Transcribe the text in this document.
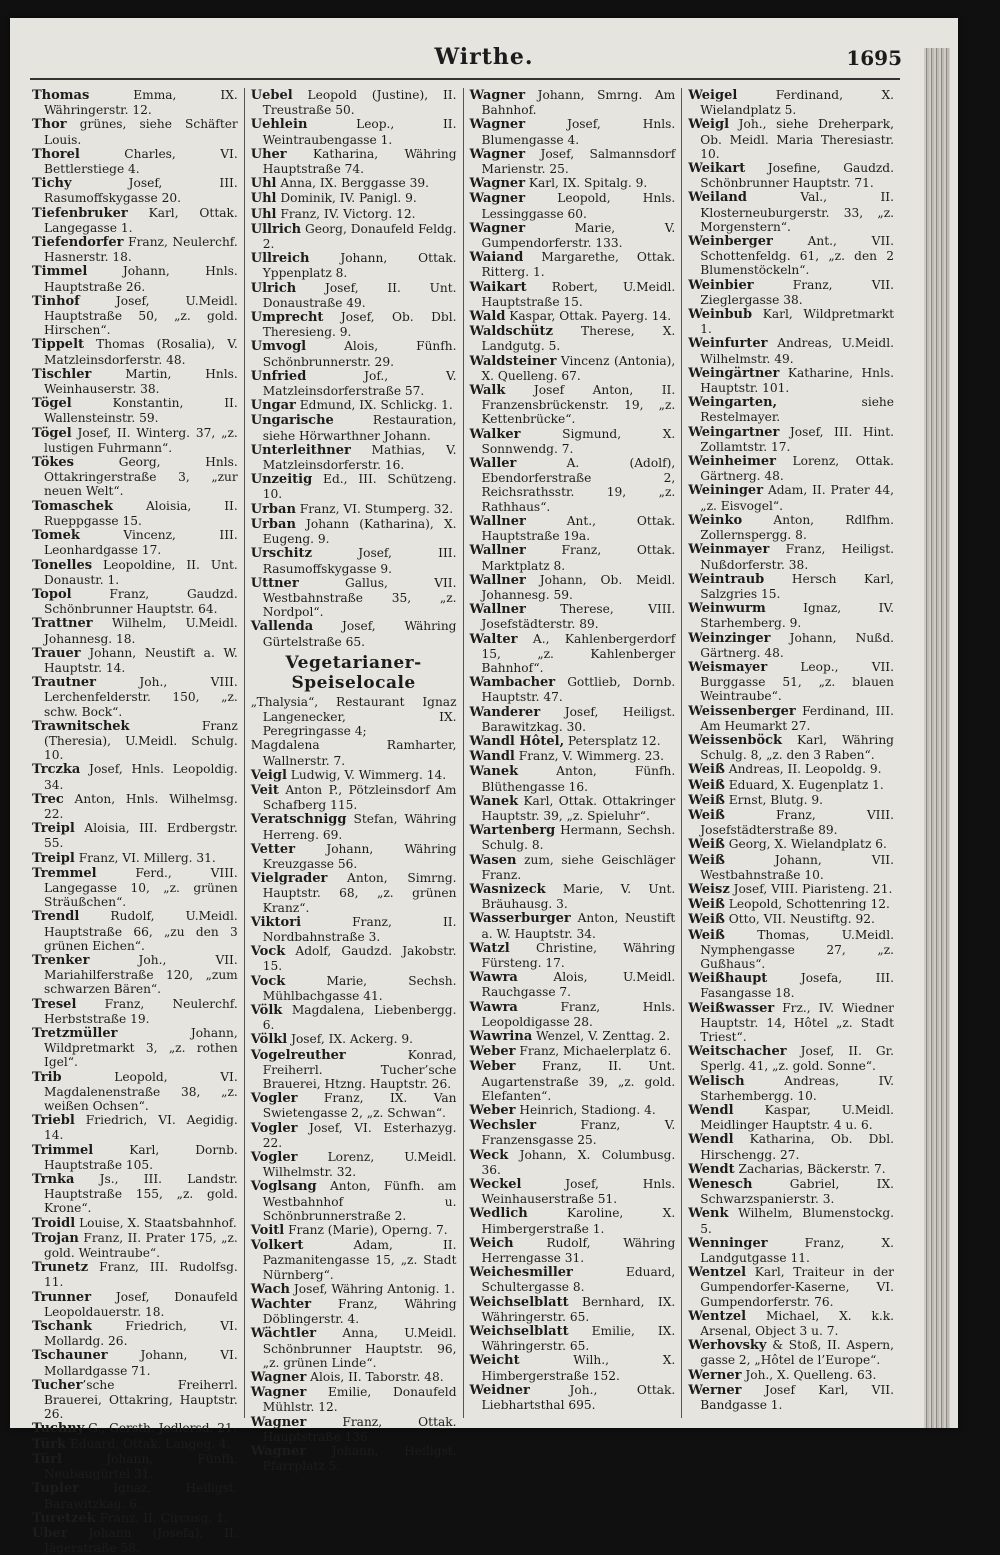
Wirthe.	1695
Thomas Emma, IX. Währingerstr. 12.
Thor grünes, siehe Schäfter Louis.
Thorel Charles, VI. Bettlerstiege 4.
Tichy Josef, III. Rasumoffskygasse 20.
Tiefenbruker Karl, Ottak. Langegasse 1.
Tiefendorfer Franz, Neulerchf. Hasnerstr. 18.
Timmel Johann, Hnls. Hauptstraße 26.
Tinhof Josef, U.Meidl. Hauptstraße 50, „z. gold. Hirschen“.
Tippelt Thomas (Rosalia), V. Matzleinsdorferstr. 48.
Tischler Martin, Hnls. Weinhauserstr. 38.
Tögel Konstantin, II. Wallensteinstr. 59.
Tögel Josef, II. Winterg. 37, „z. lustigen Fuhrmann“.
Tökes Georg, Hnls. Ottakringerstraße 3, „zur neuen Welt“.
Tomaschek Aloisia, II. Rueppgasse 15.
Tomek Vincenz, III. Leonhardgasse 17.
Tonelles Leopoldine, II. Unt. Donaustr. 1.
Topol Franz, Gaudzd. Schönbrunner Hauptstr. 64.
Trattner Wilhelm, U.Meidl. Johannesg. 18.
Trauer Johann, Neustift a. W. Hauptstr. 14.
Trautner Joh., VIII. Lerchenfelderstr. 150, „z. schw. Bock“.
Trawnitschek Franz (Theresia), U.Meidl. Schulg. 10.
Trczka Josef, Hnls. Leopoldig. 34.
Trec Anton, Hnls. Wilhelmsg. 22.
Treipl Aloisia, III. Erdbergstr. 55.
Treipl Franz, VI. Millerg. 31.
Tremmel Ferd., VIII. Langegasse 10, „z. grünen Sträußchen“.
Trendl Rudolf, U.Meidl. Hauptstraße 66, „zu den 3 grünen Eichen“.
Trenker Joh., VII. Mariahilferstraße 120, „zum schwarzen Bären“.
Tresel Franz, Neulerchf. Herbststraße 19.
Tretzmüller Johann, Wildpretmarkt 3, „z. rothen Igel“.
Trib Leopold, VI. Magdalenenstraße 38, „z. weißen Ochsen“.
Triebl Friedrich, VI. Aegidig. 14.
Trimmel Karl, Dornb. Hauptstraße 105.
Trnka Js., III. Landstr. Hauptstraße 155, „z. gold. Krone“.
Troidl Louise, X. Staatsbahnhof.
Trojan Franz, II. Prater 175, „z. gold. Weintraube“.
Trunetz Franz, III. Rudolfsg. 11.
Trunner Josef, Donaufeld Leopoldauerstr. 18.
Tschank Friedrich, VI. Mollardg. 26.
Tschauner Johann, VI. Mollardgasse 71.
Tucher’sche Freiherrl. Brauerei, Ottakring, Hauptstr. 26.
Tuchny G., Gersth. Jedlersd. 21.
Türk Eduard, Ottak. Langeg. 4.
Türl Johann, Fünfh. Neubaugürtel 31.
Tupler Ignaz, Heiligst. Barawitzkag. 6.
Turetzek Franz, II. Circusg. 1.
Uber Johann (Josefa), II. Jägerstraße 58.
Uebel Leopold (Justine), II. Treustraße 50.
Uehlein Leop., II. Weintraubengasse 1.
Uher Katharina, Währing Hauptstraße 74.
Uhl Anna, IX. Berggasse 39.
Uhl Dominik, IV. Panigl. 9.
Uhl Franz, IV. Victorg. 12.
Ullrich Georg, Donaufeld Feldg. 2.
Ullreich Johann, Ottak. Yppenplatz 8.
Ulrich Josef, II. Unt. Donaustraße 49.
Umprecht Josef, Ob. Dbl. Theresieng. 9.
Umvogl Alois, Fünfh. Schönbrunnerstr. 29.
Unfried Jof., V. Matzleinsdorferstraße 57.
Ungar Edmund, IX. Schlickg. 1.
Ungarische Restauration, siehe Hörwarthner Johann.
Unterleithner Mathias, V. Matzleinsdorferstr. 16.
Unzeitig Ed., III. Schützeng. 10.
Urban Franz, VI. Stumperg. 32.
Urban Johann (Katharina), X. Eugeng. 9.
Urschitz Josef, III. Rasumoffskygasse 9.
Uttner Gallus, VII. Westbahnstraße 35, „z. Nordpol“.
Vallenda Josef, Währing Gürtelstraße 65.
Vegetarianer-Speiselocale
„Thalysia“, Restaurant Ignaz Langenecker, IX. Peregringasse 4;
Magdalena Ramharter, Wallnerstr. 7.
Veigl Ludwig, V. Wimmerg. 14.
Veit Anton P., Pötzleinsdorf Am Schafberg 115.
Veratschnigg Stefan, Währing Herreng. 69.
Vetter Johann, Währing Kreuzgasse 56.
Vielgrader Anton, Simrng. Hauptstr. 68, „z. grünen Kranz“.
Viktori Franz, II. Nordbahnstraße 3.
Vock Adolf, Gaudzd. Jakobstr. 15.
Vock Marie, Sechsh. Mühlbachgasse 41.
Völk Magdalena, Liebenbergg. 6.
Völkl Josef, IX. Ackerg. 9.
Vogelreuther Konrad, Freiherrl. Tucher’sche Brauerei, Htzng. Hauptstr. 26.
Vogler Franz, IX. Van Swietengasse 2, „z. Schwan“.
Vogler Josef, VI. Esterhazyg. 22.
Vogler Lorenz, U.Meidl. Wilhelmstr. 32.
Voglsang Anton, Fünfh. am Westbahnhof u. Schönbrunnerstraße 2.
Voitl Franz (Marie), Operng. 7.
Volkert Adam, II. Pazmanitengasse 15, „z. Stadt Nürnberg“.
Wach Josef, Währing Antonig. 1.
Wachter Franz, Währing Döblingerstr. 4.
Wächtler Anna, U.Meidl. Schönbrunner Hauptstr. 96, „z. grünen Linde“.
Wagner Alois, II. Taborstr. 48.
Wagner Emilie, Donaufeld Mühlstr. 12.
Wagner Franz, Ottak. Hauptstraße 136.
Wagner Johann, Heiligst. Pfarrplatz 5.
Wagner Johann, Smrng. Am Bahnhof.
Wagner Josef, Hnls. Blumengasse 4.
Wagner Josef, Salmannsdorf Marienstr. 25.
Wagner Karl, IX. Spitalg. 9.
Wagner Leopold, Hnls. Lessinggasse 60.
Wagner Marie, V. Gumpendorferstr. 133.
Waiand Margarethe, Ottak. Ritterg. 1.
Waikart Robert, U.Meidl. Hauptstraße 15.
Wald Kaspar, Ottak. Payerg. 14.
Waldschütz Therese, X. Landgutg. 5.
Waldsteiner Vincenz (Antonia), X. Quelleng. 67.
Walk Josef Anton, II. Franzensbrückenstr. 19, „z. Kettenbrücke“.
Walker Sigmund, X. Sonnwendg. 7.
Waller A. (Adolf), Ebendorferstraße 2, Reichsrathsstr. 19, „z. Rathhaus“.
Wallner Ant., Ottak. Hauptstraße 19a.
Wallner Franz, Ottak. Marktplatz 8.
Wallner Johann, Ob. Meidl. Johannesg. 59.
Wallner Therese, VIII. Josefstädterstr. 89.
Walter A., Kahlenbergerdorf 15, „z. Kahlenberger Bahnhof“.
Wambacher Gottlieb, Dornb. Hauptstr. 47.
Wanderer Josef, Heiligst. Barawitzkag. 30.
Wandl Hôtel, Petersplatz 12.
Wandl Franz, V. Wimmerg. 23.
Wanek Anton, Fünfh. Blüthengasse 16.
Wanek Karl, Ottak. Ottakringer Hauptstr. 39, „z. Spieluhr“.
Wartenberg Hermann, Sechsh. Schulg. 8.
Wasen zum, siehe Geischläger Franz.
Wasnizeck Marie, V. Unt. Bräuhausg. 3.
Wasserburger Anton, Neustift a. W. Hauptstr. 34.
Watzl Christine, Währing Fürsteng. 17.
Wawra Alois, U.Meidl. Rauchgasse 7.
Wawra Franz, Hnls. Leopoldigasse 28.
Wawrina Wenzel, V. Zenttag. 2.
Weber Franz, Michaelerplatz 6.
Weber Franz, II. Unt. Augartenstraße 39, „z. gold. Elefanten“.
Weber Heinrich, Stadiong. 4.
Wechsler Franz, V. Franzensgasse 25.
Weck Johann, X. Columbusg. 36.
Weckel Josef, Hnls. Weinhauserstraße 51.
Wedlich Karoline, X. Himbergerstraße 1.
Weich Rudolf, Währing Herrengasse 31.
Weichesmiller Eduard, Schultergasse 8.
Weichselblatt Bernhard, IX. Währingerstr. 65.
Weichselblatt Emilie, IX. Währingerstr. 65.
Weicht Wilh., X. Himbergerstraße 152.
Weidner Joh., Ottak. Liebhartsthal 695.
Weigel Ferdinand, X. Wielandplatz 5.
Weigl Joh., siehe Dreherpark, Ob. Meidl. Maria Theresiastr. 10.
Weikart Josefine, Gaudzd. Schönbrunner Hauptstr. 71.
Weiland Val., II. Klosterneuburgerstr. 33, „z. Morgenstern“.
Weinberger Ant., VII. Schottenfeldg. 61, „z. den 2 Blumenstöckeln“.
Weinbier Franz, VII. Zieglergasse 38.
Weinbub Karl, Wildpretmarkt 1.
Weinfurter Andreas, U.Meidl. Wilhelmstr. 49.
Weingärtner Katharine, Hnls. Hauptstr. 101.
Weingarten, siehe Restelmayer.
Weingartner Josef, III. Hint. Zollamtstr. 17.
Weinheimer Lorenz, Ottak. Gärtnerg. 48.
Weininger Adam, II. Prater 44, „z. Eisvogel“.
Weinko Anton, Rdlfhm. Zollernspergg. 8.
Weinmayer Franz, Heiligst. Nußdorferstr. 38.
Weintraub Hersch Karl, Salzgries 15.
Weinwurm Ignaz, IV. Starhemberg. 9.
Weinzinger Johann, Nußd. Gärtnerg. 48.
Weismayer Leop., VII. Burggasse 51, „z. blauen Weintraube“.
Weissenberger Ferdinand, III. Am Heumarkt 27.
Weissenböck Karl, Währing Schulg. 8, „z. den 3 Raben“.
Weiß Andreas, II. Leopoldg. 9.
Weiß Eduard, X. Eugenplatz 1.
Weiß Ernst, Blutg. 9.
Weiß Franz, VIII. Josefstädterstraße 89.
Weiß Georg, X. Wielandplatz 6.
Weiß Johann, VII. Westbahnstraße 10.
Weisz Josef, VIII. Piaristeng. 21.
Weiß Leopold, Schottenring 12.
Weiß Otto, VII. Neustiftg. 92.
Weiß Thomas, U.Meidl. Nymphengasse 27, „z. Gußhaus“.
Weißhaupt Josefa, III. Fasangasse 18.
Weißwasser Frz., IV. Wiedner Hauptstr. 14, Hôtel „z. Stadt Triest“.
Weitschacher Josef, II. Gr. Sperlg. 41, „z. gold. Sonne“.
Welisch Andreas, IV. Starhembergg. 10.
Wendl Kaspar, U.Meidl. Meidlinger Hauptstr. 4 u. 6.
Wendl Katharina, Ob. Dbl. Hirschengg. 27.
Wendt Zacharias, Bäckerstr. 7.
Wenesch Gabriel, IX. Schwarzspanierstr. 3.
Wenk Wilhelm, Blumenstockg. 5.
Wenninger Franz, X. Landgutgasse 11.
Wentzel Karl, Traiteur in der Gumpendorfer-Kaserne, VI. Gumpendorferstr. 76.
Wentzel Michael, X. k.k. Arsenal, Object 3 u. 7.
Werhovsky & Stoß, II. Aspern, gasse 2, „Hôtel de l’Europe“.
Werner Joh., X. Quelleng. 63.
Werner Josef Karl, VII. Bandgasse 1.
